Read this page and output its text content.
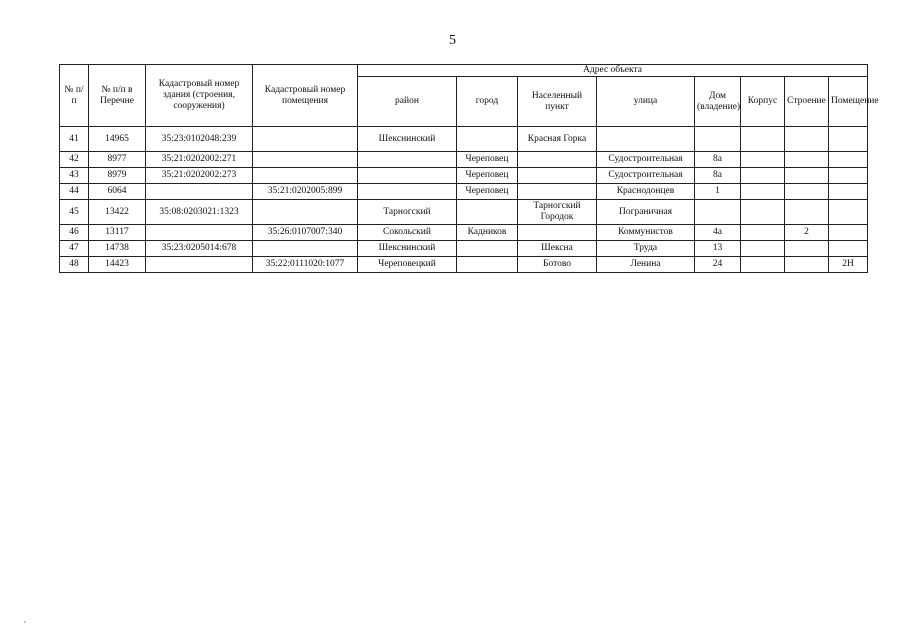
5
№ п/п	№ п/п в Перечне	Кадастровый номер здания (строения, сооружения)	Кадастровый номер помещения	Адрес объекта							
				район	город	Населенный пункт	улица	Дом (владение)	Корпус	Строение	Помещение
41	14965	35:23:0102048:239		Шекснинский		Красная Горка					
42	8977	35:21:0202002:271			Череповец		Судостроительная	8а			
43	8979	35:21:0202002:273			Череповец		Судостроительная	8а			
44	6064		35:21:0202005:899		Череповец		Краснодонцев	1			
45	13422	35:08:0203021:1323		Тарногский		Тарногский Городок	Пограничная				
46	13117		35:26:0107007:340	Сокольский	Кадников		Коммунистов	4а		2	
47	14738	35:23:0205014:678		Шекснинский		Шексна	Труда	13			
48	14423		35:22:0111020:1077	Череповецкий		Ботово	Ленина	24			2Н
